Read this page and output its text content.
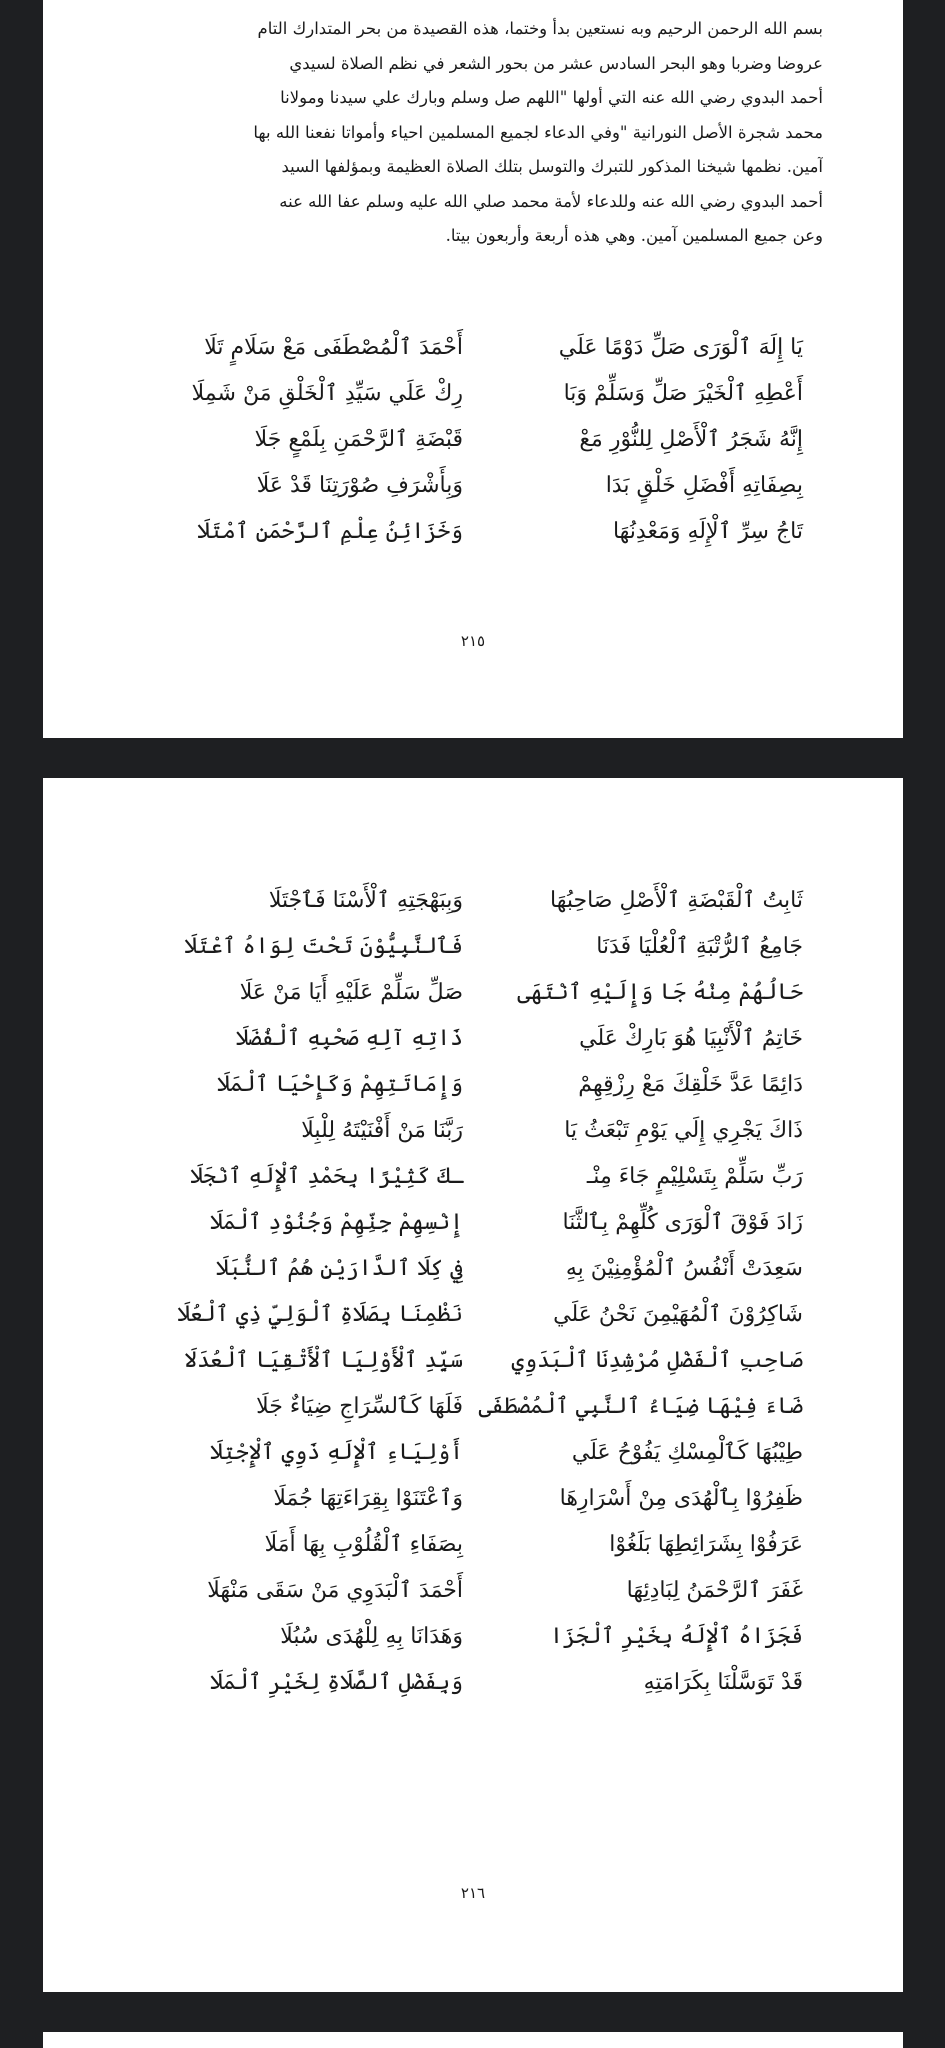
بسم الله الرحمن الرحيم وبه نستعين بدأ وختما، هذه القصيدة من بحر المتدارك التام
عروضا وضربا وهو البحر السادس عشر من بحور الشعر في نظم الصلاة لسيدي
أحمد البدوي رضي الله عنه التي أولها "اللهم صل وسلم وبارك علي سيدنا ومولانا
محمد شجرة الأصل النورانية "وفي الدعاء لجميع المسلمين احياء وأمواتا نفعنا الله بها
آمين. نظمها شيخنا المذكور للتبرك والتوسل بتلك الصلاة العظيمة وبمؤلفها السيد
أحمد البدوي رضي الله عنه وللدعاء لأمة محمد صلي الله عليه وسلم عفا الله عنه
وعن جميع المسلمين آمين. وهي هذه أربعة وأربعون بيتا.
يَا إِلَهَ ٱلْوَرَى صَلِّ دَوْمًا عَلَي
أَحْمَدَ ٱلْمُصْطَفَى مَعْ سَلَامٍ تَلَا
أَعْطِهِ ٱلْخَيْرَ صَلِّ وَسَلِّمْ وَبَا
رِكْ عَلَي سَيِّدِ ٱلْخَلْقِ مَنْ شَمِلَا
إِنَّهُ شَجَرُ ٱلْأَصْلِ لِلنُّوْرِ مَعْ
قَبْضَةِ ٱلرَّحْمَنِ بِلَمْعٍ جَلَا
بِصِفَاتِهِ أَفْضَلِ خَلْقٍ بَدَا
وَبِأَشْرَفِ صُوْرَتِنَا قَدْ عَلَا
تَاجُ سِرِّ ٱلْإِلَهِ وَمَعْدِنُهَا
وَخَزَائِنُ عِلْمِ ٱلرَّحْمَنِ ٱمْتَلَا
٢١٥
ثَابِتُ ٱلْقَبْضَةِ ٱلْأَصْلِ صَاحِبُهَا
وَبِبَهْجَتِهِ ٱلْأَسْنَا فَٱجْتَلَا
جَامِعُ ٱلرُّتْبَةِ ٱلْعُلْيَا فَدَنَا
فَٱلنَّبِيُّوْنَ تَحْتَ لِوَاهُ ٱعْتَلَا
حَالُهُمْ مِنْهُ جَا وَإِلَيْهِ ٱنْتَهَى
صَلِّ سَلِّمْ عَلَيْهِ أَيَا مَنْ عَلَا
خَاتِمُ ٱلْأَنْبِيَا هُوَ بَارِكْ عَلَي
ذَاتِهِ آلِهِ صَحْبِهِ ٱلْفُضَلَا
دَائِمًا عَدَّ خَلْقِكَ مَعْ رِزْقِهِمْ
وَإِمَاتَتِهِمْ وَكَإِحْيَا ٱلْمَلَا
ذَاكَ يَجْرِي إِلَي يَوْمِ تَبْعَثُ يَا
رَبَّنَا مَنْ أَفْنَيْتَهُ لِلْبِلَا
رَبِّ سَلِّمْ بِتَسْلِيْمٍ جَاءَ مِنْـ
ـكَ كَثِيْرًا بِحَمْدِ ٱلْإِلَهِ ٱنْجَلَا
زَادَ فَوْقَ ٱلْوَرَى كُلِّهِمْ بِٱلثَّنَا
إِنْسِهِمْ جِنِّهِمْ وَجُنُوْدِ ٱلْمَلَا
سَعِدَتْ أَنْفُسُ ٱلْمُؤْمِنِيْنَ بِهِ
فِي كِلَا ٱلدَّارَيْنِ هُمُ ٱلنُّبَلَا
شَاكِرُوْنَ ٱلْمُهَيْمِنَ نَحْنُ عَلَي
نَظْمِنَا بِصَلَاةِ ٱلْوَلِيِّ ذِي ٱلْعُلَا
صَاحِبِ ٱلْفَضْلِ مُرْشِدِنَا ٱلْبَدَوِي
سَيِّدِ ٱلْأَوْلِيَا ٱلْأَتْقِيَا ٱلْعُدَلَا
ضَاءَ فِيْهَا ضِيَاءُ ٱلنَّبِي ٱلْمُصْطَفَى
فَلَهَا كَٱلسِّرَاجِ ضِيَاءٌ جَلَا
طِيْبُهَا كَٱلْمِسْكِ يَفُوْحُ عَلَي
أَوْلِيَاءِ ٱلْإِلَهِ ذَوِي ٱلْإِجْتِلَا
ظَفِرُوْا بِٱلْهُدَى مِنْ أَسْرَارِهَا
وَٱعْتَنَوْا بِقِرَاءَتِهَا جُمَلَا
عَرَفُوْا بِشَرَائِطِهَا بَلَغُوْا
بِصَفَاءِ ٱلْقُلُوْبِ بِهَا أَمَلَا
غَفَرَ ٱلرَّحْمَنُ لِبَادِئِهَا
أَحْمَدَ ٱلْبَدَوِي مَنْ سَقَى مَنْهَلَا
فَجَزَاهُ ٱلْإِلَهُ بِخَيْرِ ٱلْجَزَا
وَهَدَانَا بِهِ لِلْهُدَى سُبُلَا
قَدْ تَوَسَّلْنَا بِكَرَامَتِهِ
وَبِفَضْلِ ٱلصَّلَاةِ لِخَيْرِ ٱلْمَلَا
٢١٦
